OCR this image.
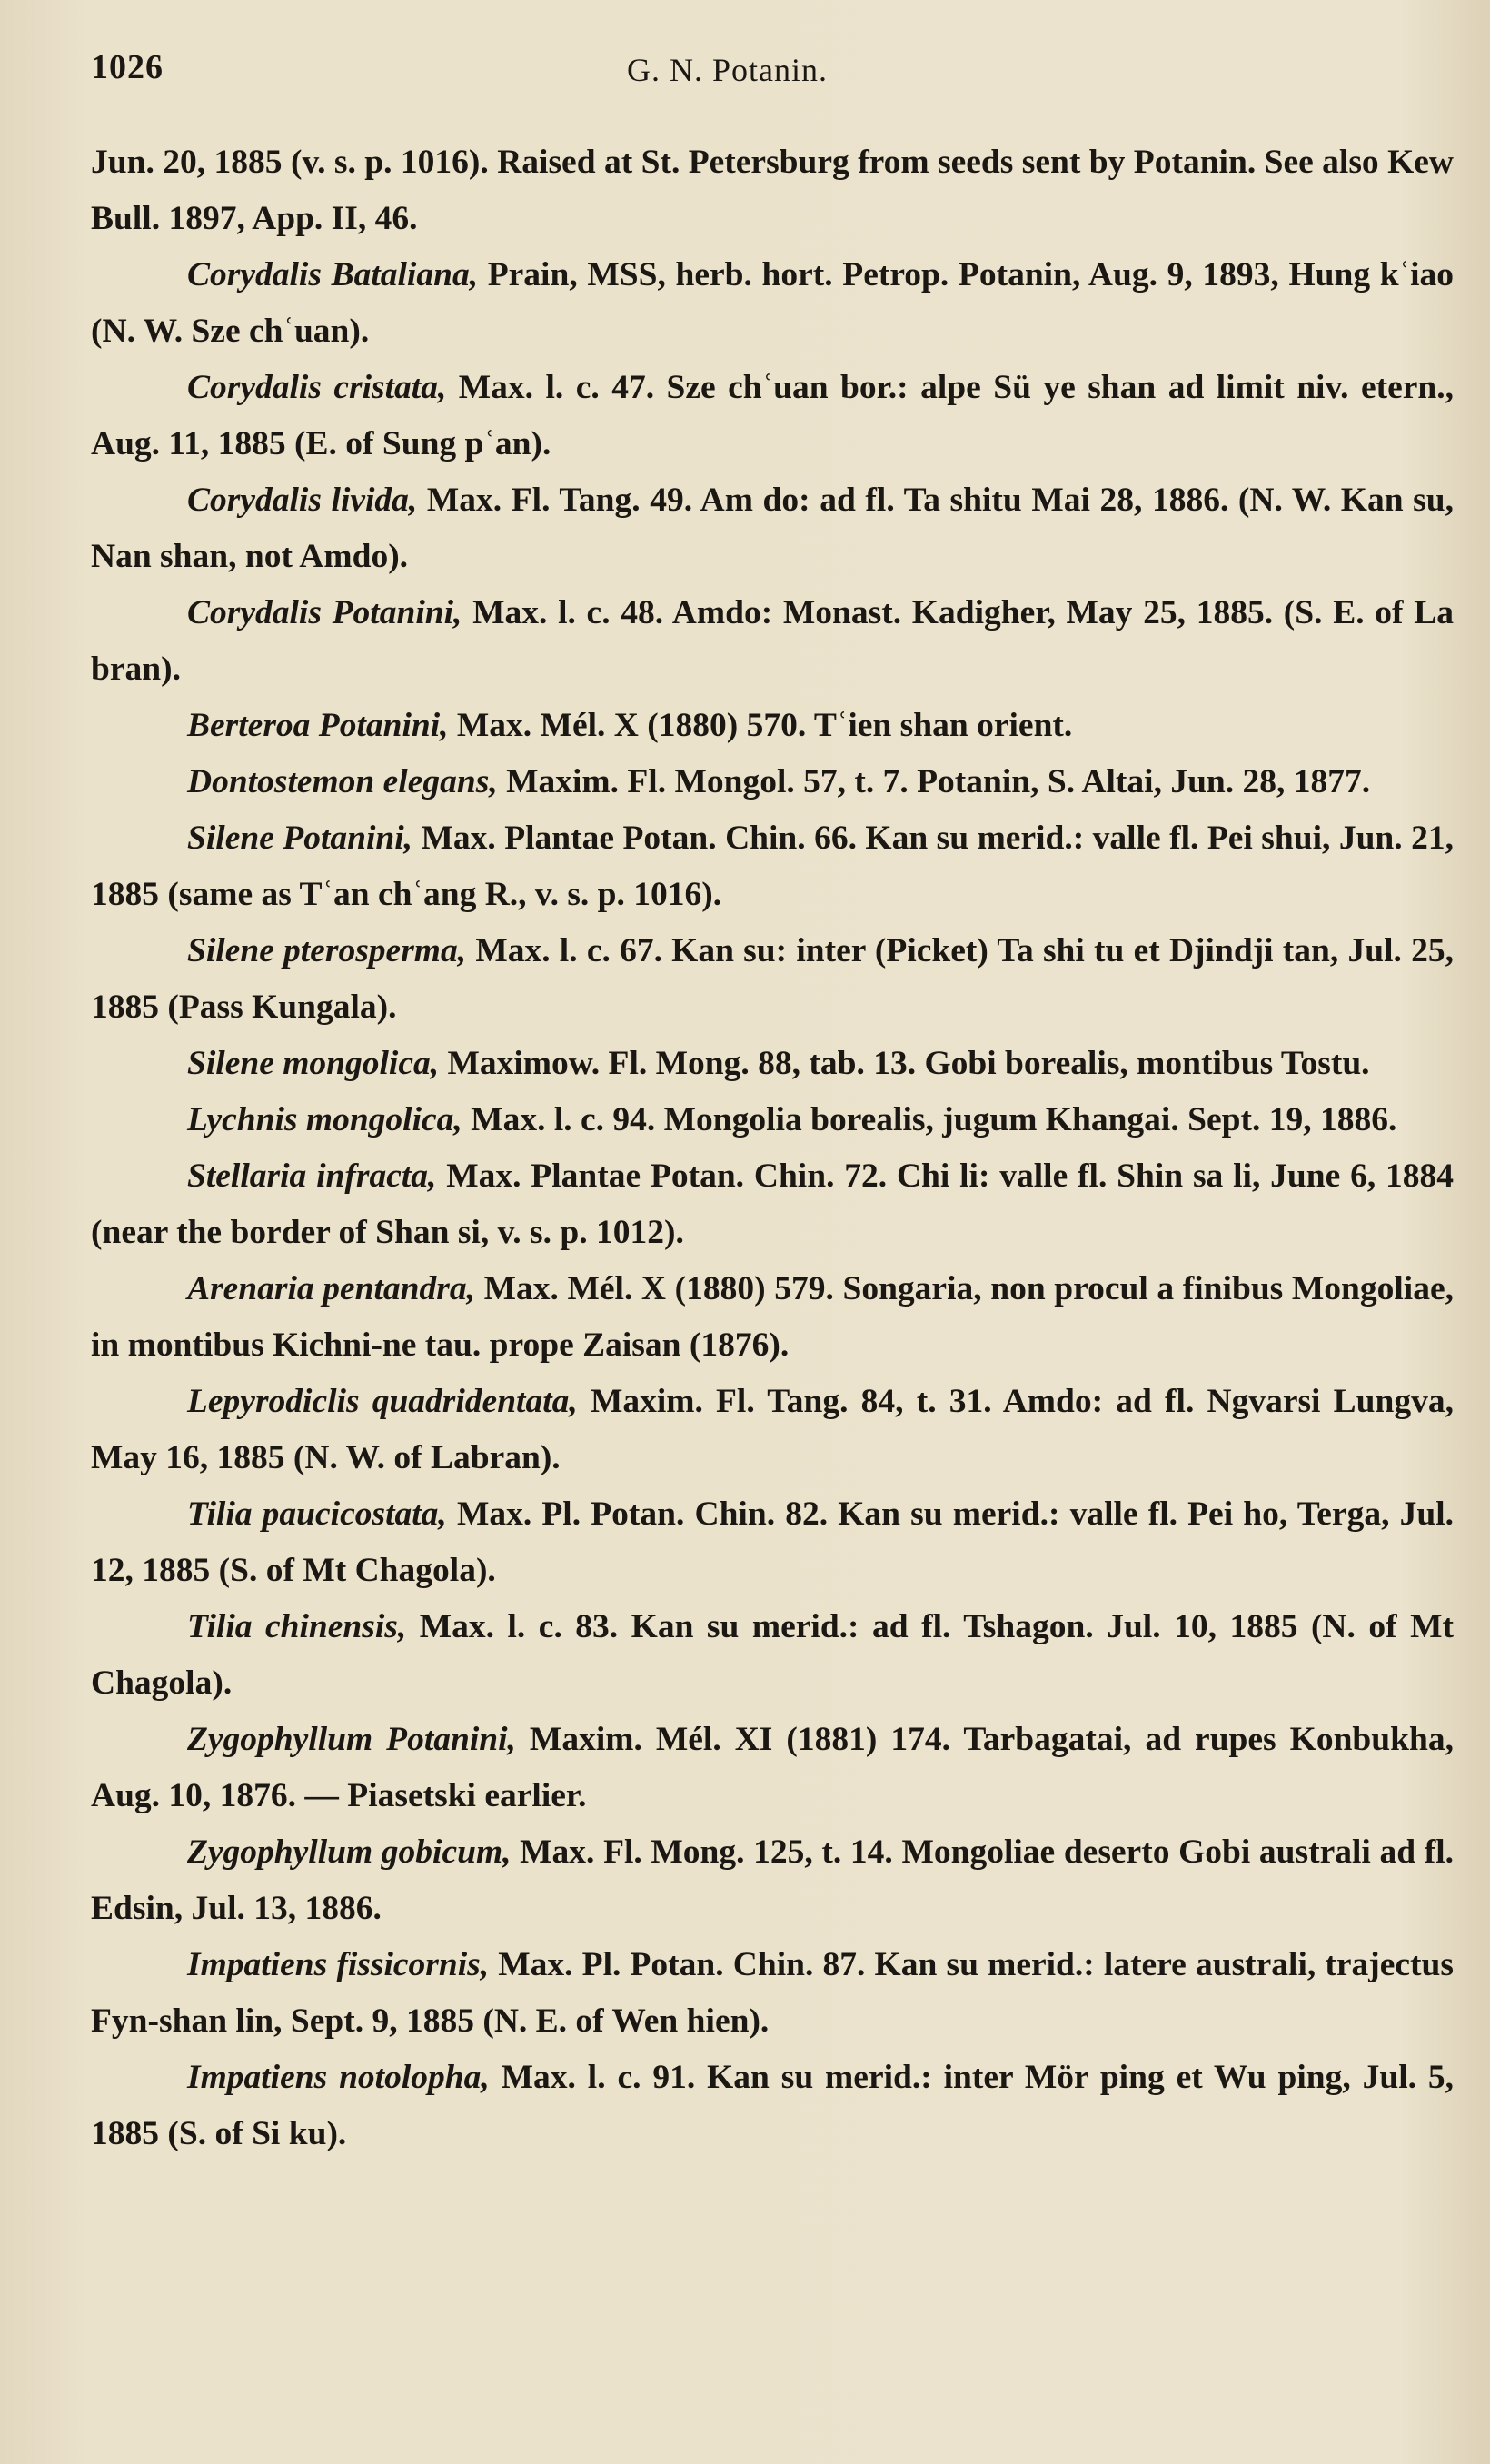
1026	G. N. Potanin.

Jun. 20, 1885 (v. s. p. 1016). Raised at St. Petersburg from seeds sent by Potanin. See also Kew Bull. 1897, App. II, 46.

Corydalis Bataliana, Prain, MSS, herb. hort. Petrop. Potanin, Aug. 9, 1893, Hung kʿiao (N. W. Sze chʿuan).

Corydalis cristata, Max. l. c. 47. Sze chʿuan bor.: alpe Sü ye shan ad limit niv. etern., Aug. 11, 1885 (E. of Sung pʿan).

Corydalis livida, Max. Fl. Tang. 49. Am do: ad fl. Ta shitu Mai 28, 1886. (N. W. Kan su, Nan shan, not Amdo).

Corydalis Potanini, Max. l. c. 48. Amdo: Monast. Kadigher, May 25, 1885. (S. E. of La bran).

Berteroa Potanini, Max. Mél. X (1880) 570. Tʿien shan orient.

Dontostemon elegans, Maxim. Fl. Mongol. 57, t. 7. Potanin, S. Altai, Jun. 28, 1877.

Silene Potanini, Max. Plantae Potan. Chin. 66. Kan su merid.: valle fl. Pei shui, Jun. 21, 1885 (same as Tʿan chʿang R., v. s. p. 1016).

Silene pterosperma, Max. l. c. 67. Kan su: inter (Picket) Ta shi tu et Djindji tan, Jul. 25, 1885 (Pass Kungala).

Silene mongolica, Maximow. Fl. Mong. 88, tab. 13. Gobi borealis, montibus Tostu.

Lychnis mongolica, Max. l. c. 94. Mongolia borealis, jugum Khangai. Sept. 19, 1886.

Stellaria infracta, Max. Plantae Potan. Chin. 72. Chi li: valle fl. Shin sa li, June 6, 1884 (near the border of Shan si, v. s. p. 1012).

Arenaria pentandra, Max. Mél. X (1880) 579. Songaria, non procul a finibus Mongoliae, in montibus Kichni-ne tau. prope Zaisan (1876).

Lepyrodiclis quadridentata, Maxim. Fl. Tang. 84, t. 31. Amdo: ad fl. Ngvarsi Lungva, May 16, 1885 (N. W. of Labran).

Tilia paucicostata, Max. Pl. Potan. Chin. 82. Kan su merid.: valle fl. Pei ho, Terga, Jul. 12, 1885 (S. of Mt Chagola).

Tilia chinensis, Max. l. c. 83. Kan su merid.: ad fl. Tshagon. Jul. 10, 1885 (N. of Mt Chagola).

Zygophyllum Potanini, Maxim. Mél. XI (1881) 174. Tarbagatai, ad rupes Konbukha, Aug. 10, 1876. — Piasetski earlier.

Zygophyllum gobicum, Max. Fl. Mong. 125, t. 14. Mongoliae deserto Gobi australi ad fl. Edsin, Jul. 13, 1886.

Impatiens fissicornis, Max. Pl. Potan. Chin. 87. Kan su merid.: latere australi, trajectus Fyn-shan lin, Sept. 9, 1885 (N. E. of Wen hien).

Impatiens notolopha, Max. l. c. 91. Kan su merid.: inter Mör ping et Wu ping, Jul. 5, 1885 (S. of Si ku).
